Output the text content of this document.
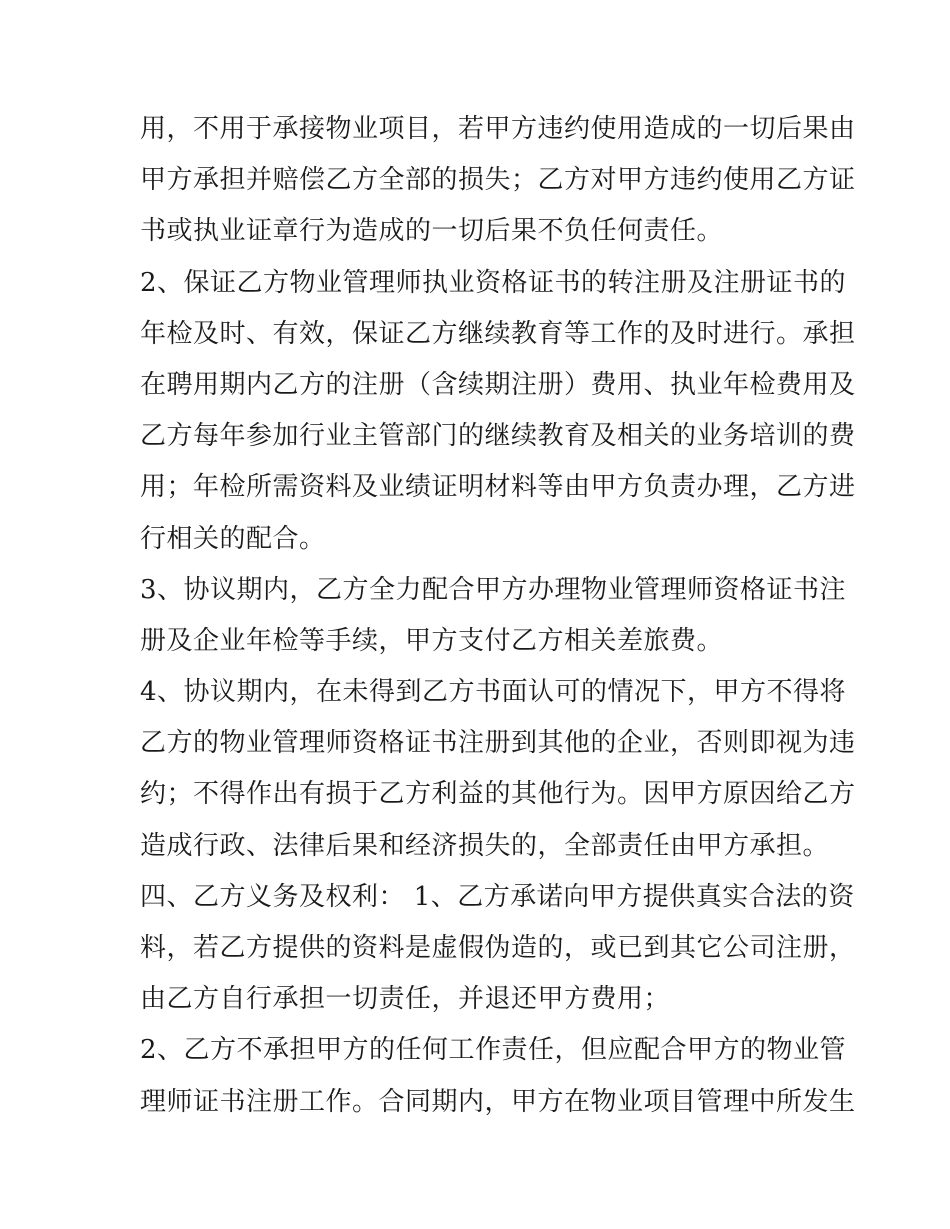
用，不用于承接物业项目，若甲方违约使用造成的一切后果由
甲方承担并赔偿乙方全部的损失；乙方对甲方违约使用乙方证
书或执业证章行为造成的一切后果不负任何责任。
2、保证乙方物业管理师执业资格证书的转注册及注册证书的
年检及时、有效，保证乙方继续教育等工作的及时进行。承担
在聘用期内乙方的注册（含续期注册）费用、执业年检费用及
乙方每年参加行业主管部门的继续教育及相关的业务培训的费
用；年检所需资料及业绩证明材料等由甲方负责办理，乙方进
行相关的配合。
3、协议期内，乙方全力配合甲方办理物业管理师资格证书注
册及企业年检等手续，甲方支付乙方相关差旅费。
4、协议期内，在未得到乙方书面认可的情况下，甲方不得将
乙方的物业管理师资格证书注册到其他的企业，否则即视为违
约；不得作出有损于乙方利益的其他行为。因甲方原因给乙方
造成行政、法律后果和经济损失的，全部责任由甲方承担。
四、乙方义务及权利： 1、乙方承诺向甲方提供真实合法的资
料，若乙方提供的资料是虚假伪造的，或已到其它公司注册，
由乙方自行承担一切责任，并退还甲方费用；
2、乙方不承担甲方的任何工作责任，但应配合甲方的物业管
理师证书注册工作。合同期内，甲方在物业项目管理中所发生
